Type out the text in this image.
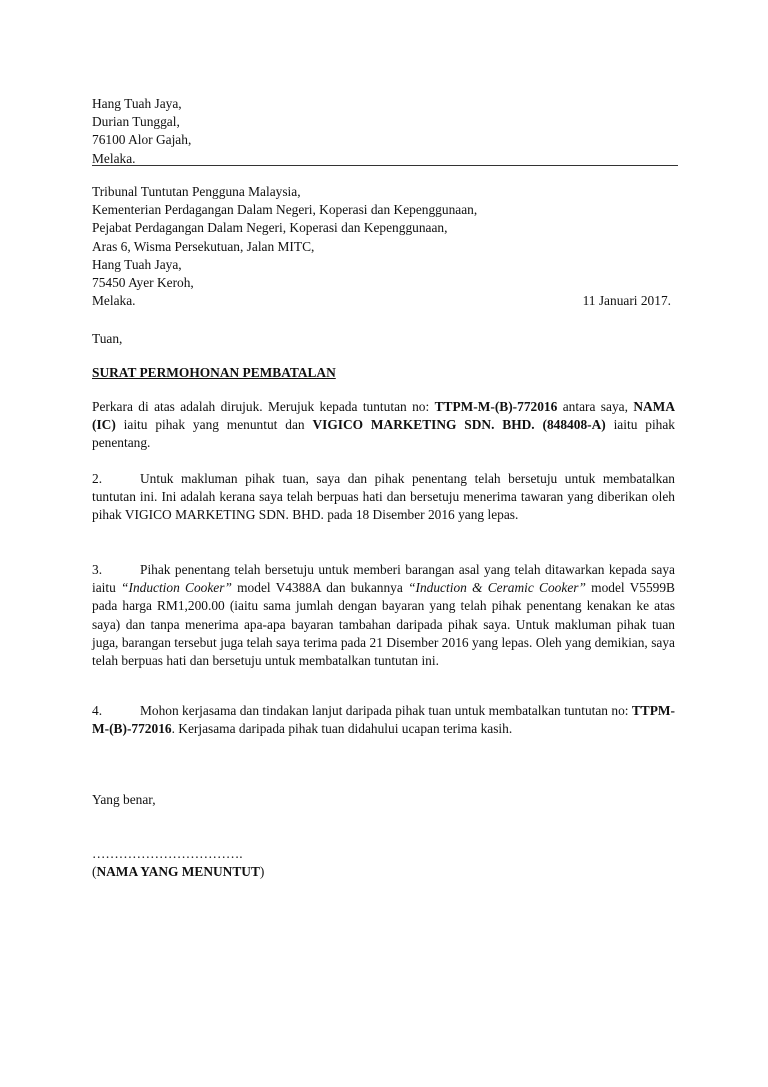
Hang Tuah Jaya,
Durian Tunggal,
76100 Alor Gajah,
Melaka.
Tribunal Tuntutan Pengguna Malaysia,
Kementerian Perdagangan Dalam Negeri, Koperasi dan Kepenggunaan,
Pejabat Perdagangan Dalam Negeri, Koperasi dan Kepenggunaan,
Aras 6, Wisma Persekutuan, Jalan MITC,
Hang Tuah Jaya,
75450 Ayer Keroh,
Melaka.	11 Januari 2017.
Tuan,
SURAT PERMOHONAN PEMBATALAN
Perkara di atas adalah dirujuk. Merujuk kepada tuntutan no: TTPM-M-(B)-772016 antara saya, NAMA (IC) iaitu pihak yang menuntut dan VIGICO MARKETING SDN. BHD. (848408-A) iaitu pihak penentang.
2.	Untuk makluman pihak tuan, saya dan pihak penentang telah bersetuju untuk membatalkan tuntutan ini. Ini adalah kerana saya telah berpuas hati dan bersetuju menerima tawaran yang diberikan oleh pihak VIGICO MARKETING SDN. BHD. pada 18 Disember 2016 yang lepas.
3.	Pihak penentang telah bersetuju untuk memberi barangan asal yang telah ditawarkan kepada saya iaitu “Induction Cooker” model V4388A dan bukannya “Induction & Ceramic Cooker” model V5599B pada harga RM1,200.00 (iaitu sama jumlah dengan bayaran yang telah pihak penentang kenakan ke atas saya) dan tanpa menerima apa-apa bayaran tambahan daripada pihak saya. Untuk makluman pihak tuan juga, barangan tersebut juga telah saya terima pada 21 Disember 2016 yang lepas. Oleh yang demikian, saya telah berpuas hati dan bersetuju untuk membatalkan tuntutan ini.
4.	Mohon kerjasama dan tindakan lanjut daripada pihak tuan untuk membatalkan tuntutan no: TTPM-M-(B)-772016. Kerjasama daripada pihak tuan didahului ucapan terima kasih.
Yang benar,
…………………………….
(NAMA YANG MENUNTUT)
